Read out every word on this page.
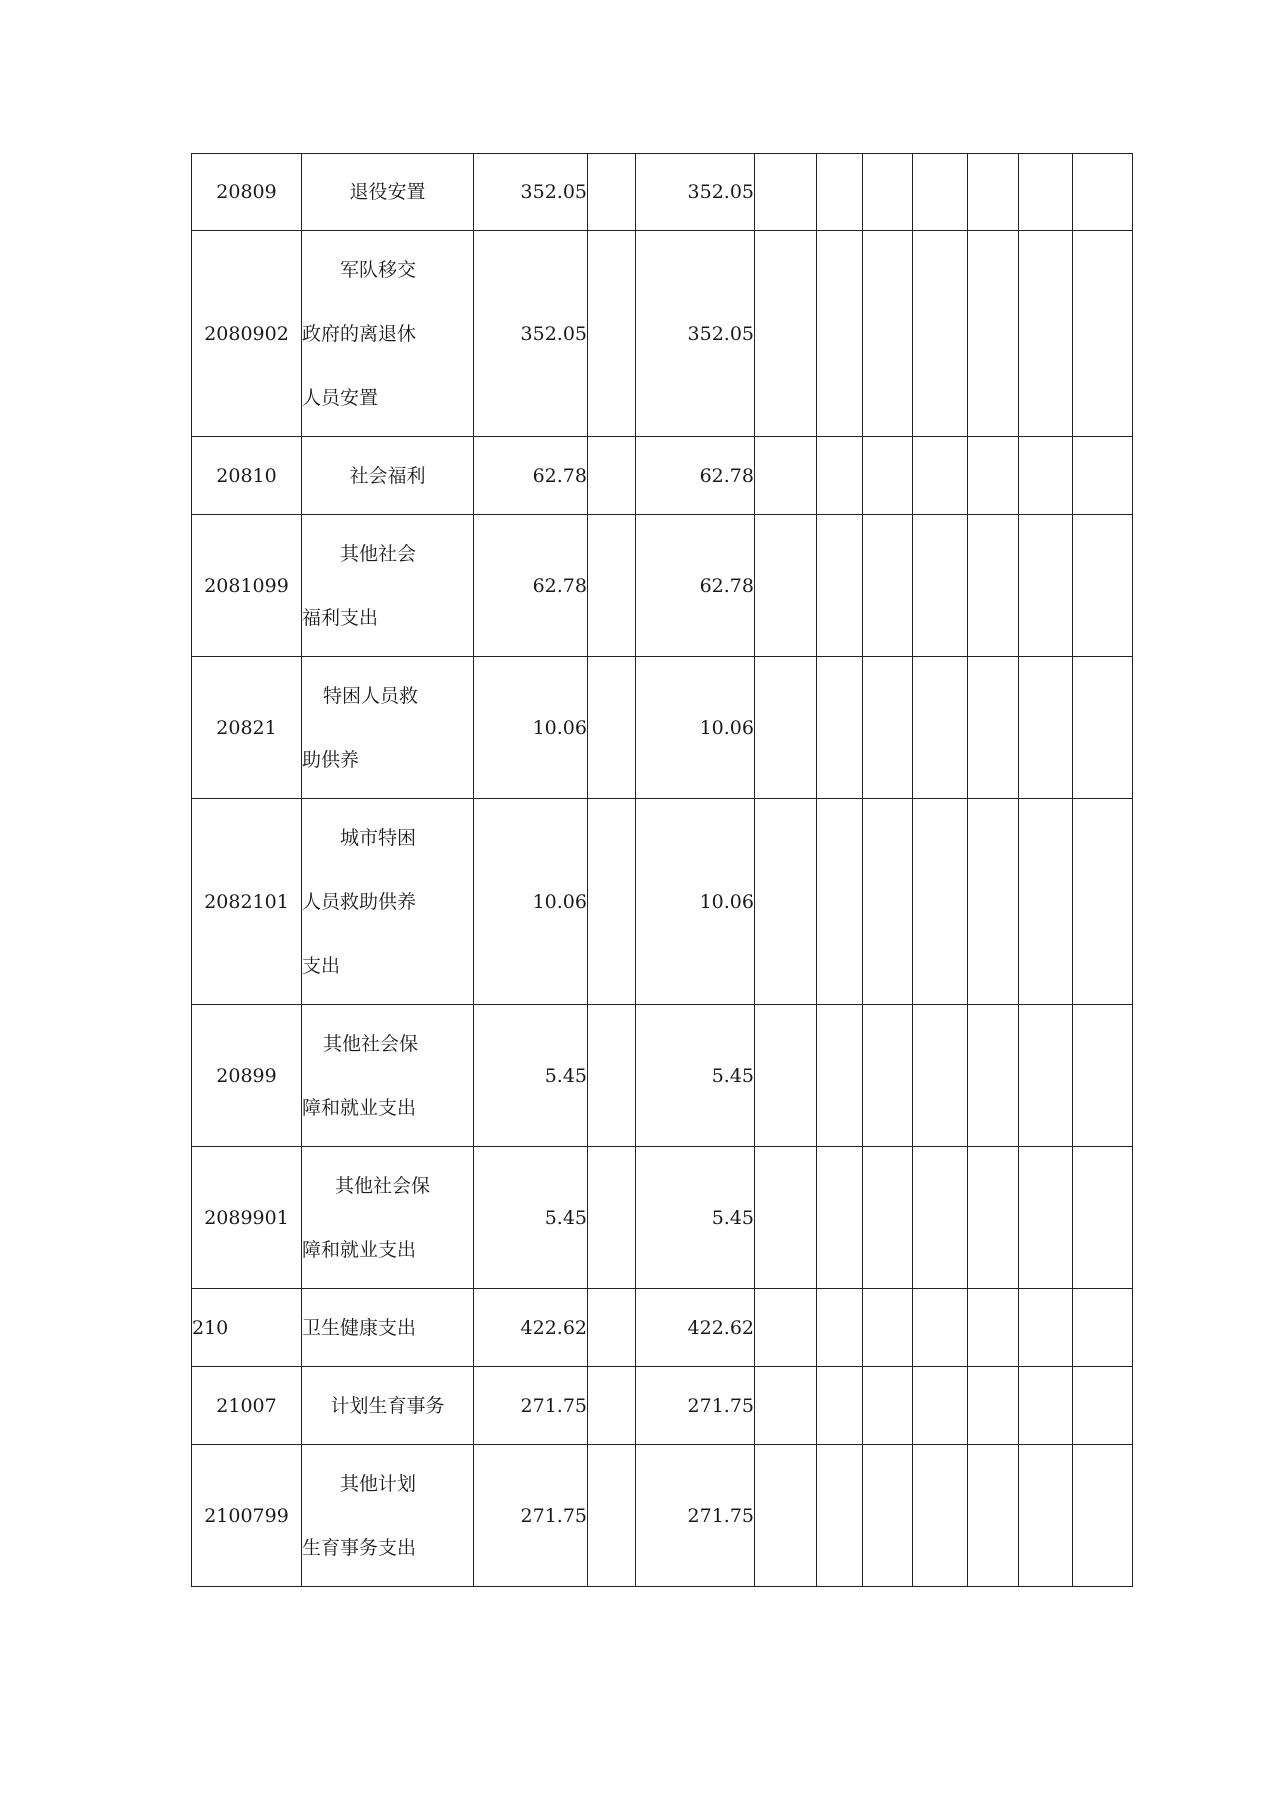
20809	退役安置	352.05		352.05							
2080902	军队移交
政府的离退休
人员安置	352.05		352.05							
20810	社会福利	62.78		62.78							
2081099	其他社会
福利支出	62.78		62.78							
20821	特困人员救
助供养	10.06		10.06							
2082101	城市特困
人员救助供养
支出	10.06		10.06							
20899	其他社会保
障和就业支出	5.45		5.45							
2089901	其他社会保
障和就业支出	5.45		5.45							
210	卫生健康支出	422.62		422.62							
21007	计划生育事务	271.75		271.75							
2100799	其他计划
生育事务支出	271.75		271.75							
